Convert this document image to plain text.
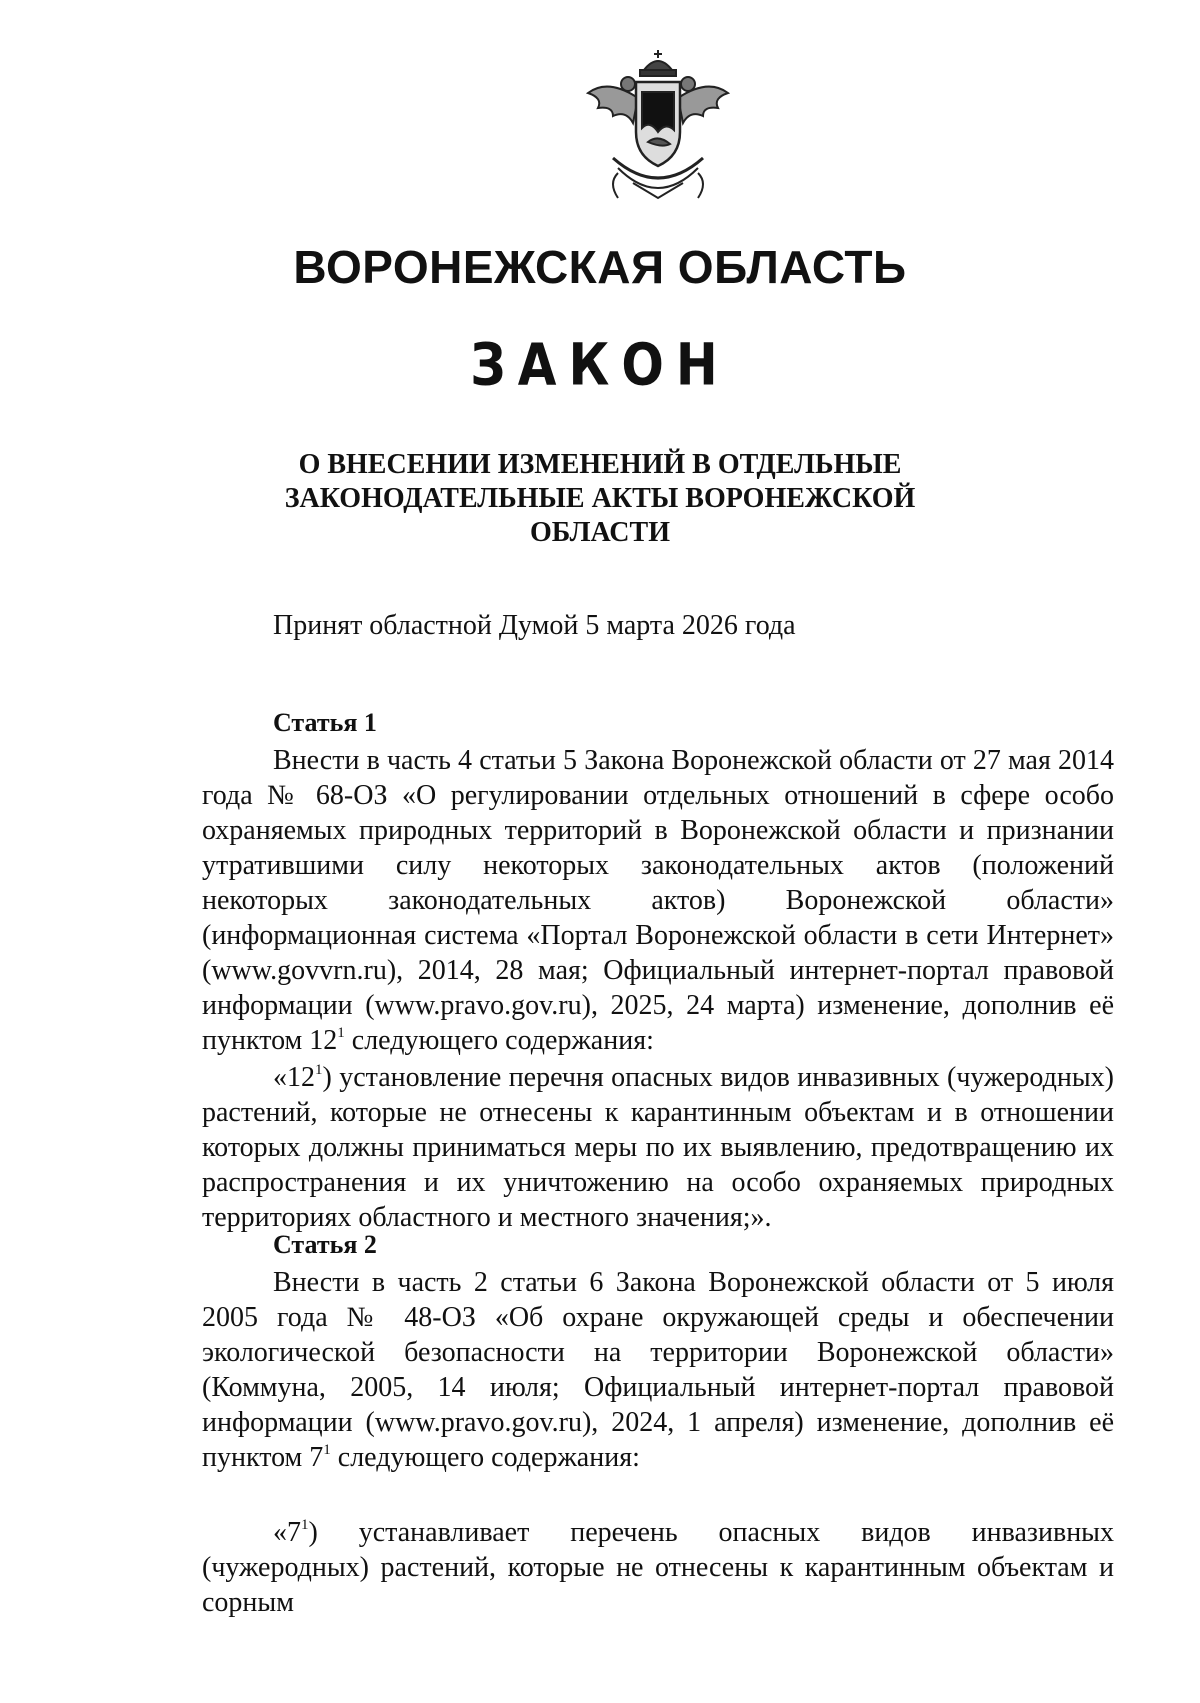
ВОРОНЕЖСКАЯ ОБЛАСТЬ
ЗАКОН
О ВНЕСЕНИИ ИЗМЕНЕНИЙ В ОТДЕЛЬНЫЕ
ЗАКОНОДАТЕЛЬНЫЕ АКТЫ ВОРОНЕЖСКОЙ
ОБЛАСТИ
Принят областной Думой 5 марта 2026 года
Статья 1
Внести в часть 4 статьи 5 Закона Воронежской области от 27 мая 2014 года № 68-ОЗ «О регулировании отдельных отношений в сфере особо охраняемых природных территорий в Воронежской области и признании утратившими силу некоторых законодательных актов (положений некоторых законодательных актов) Воронежской области» (информационная система «Портал Воронежской области в сети Интернет» (www.govvrn.ru), 2014, 28 мая; Официальный интернет-портал правовой информации (www.pravo.gov.ru), 2025, 24 марта) изменение, дополнив её пунктом $12^1$ следующего содержания:
«$12^1$) установление перечня опасных видов инвазивных (чужеродных) растений, которые не отнесены к карантинным объектам и в отношении которых должны приниматься меры по их выявлению, предотвращению их распространения и их уничтожению на особо охраняемых природных территориях областного и местного значения;».
Статья 2
Внести в часть 2 статьи 6 Закона Воронежской области от 5 июля 2005 года № 48-ОЗ «Об охране окружающей среды и обеспечении экологической безопасности на территории Воронежской области» (Коммуна, 2005, 14 июля; Официальный интернет-портал правовой информации (www.pravo.gov.ru), 2024, 1 апреля) изменение, дополнив её пунктом $7^1$ следующего содержания:
«$7^1$) устанавливает перечень опасных видов инвазивных (чужеродных) растений, которые не отнесены к карантинным объектам и сорным
